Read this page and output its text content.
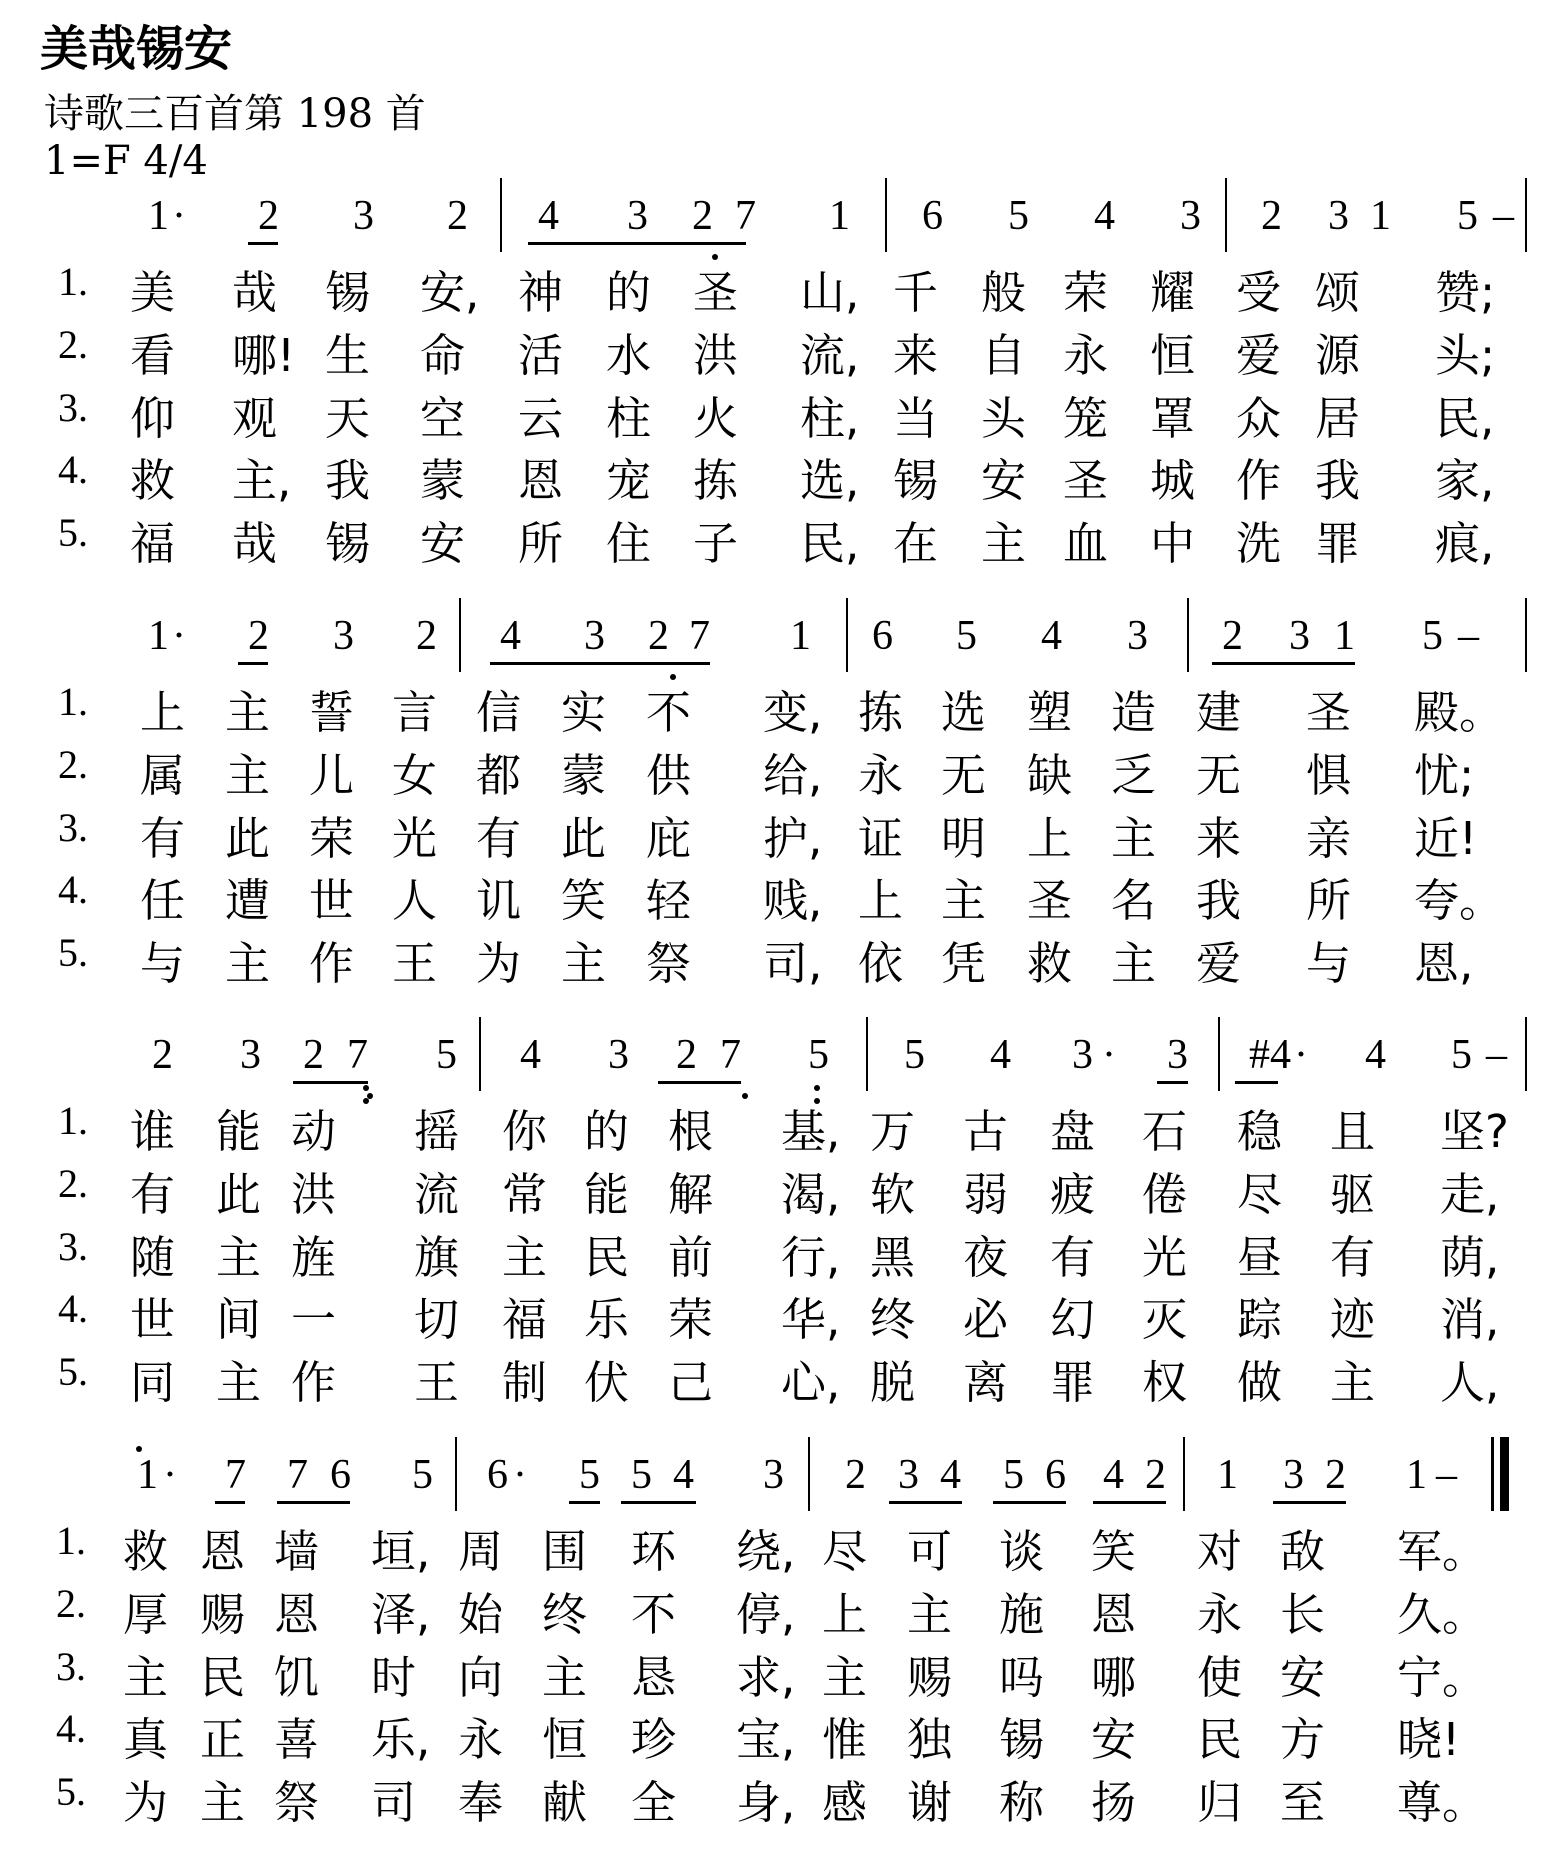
美哉锡安
诗歌三百首第 198 首
1=F 4/4
1 · 2 3 2 4 3 2 7 1 6 5 4 3 2 3 1 5 –
1. 美 哉 锡 安, 神 的 圣 山, 千 般 荣 耀 受 颂 赞;
2. 看 哪! 生 命 活 水 洪 流, 来 自 永 恒 爱 源 头;
3. 仰 观 天 空 云 柱 火 柱, 当 头 笼 罩 众 居 民,
4. 救 主, 我 蒙 恩 宠 拣 选, 锡 安 圣 城 作 我 家,
5. 福 哉 锡 安 所 住 子 民, 在 主 血 中 洗 罪 痕,
1 · 2 3 2 4 3 2 7 1 6 5 4 3 2 3 1 5 –
1. 上 主 誓 言 信 实 不 变, 拣 选 塑 造 建 圣 殿。
2. 属 主 儿 女 都 蒙 供 给, 永 无 缺 乏 无 惧 忧;
3. 有 此 荣 光 有 此 庇 护, 证 明 上 主 来 亲 近!
4. 任 遭 世 人 讥 笑 轻 贱, 上 主 圣 名 我 所 夸。
5. 与 主 作 王 为 主 祭 司, 依 凭 救 主 爱 与 恩,
2 3 2 7 5 4 3 2 7 5 5 4 3 · 3 #4 · 4 5 –
1. 谁 能 动 摇 你 的 根 基, 万 古 盘 石 稳 且 坚?
2. 有 此 洪 流 常 能 解 渴, 软 弱 疲 倦 尽 驱 走,
3. 随 主 旌 旗 主 民 前 行, 黑 夜 有 光 昼 有 荫,
4. 世 间 一 切 福 乐 荣 华, 终 必 幻 灭 踪 迹 消,
5. 同 主 作 王 制 伏 己 心, 脱 离 罪 权 做 主 人,
1 · 7 7 6 5 6 · 5 5 4 3 2 3 4 5 6 4 2 1 3 2 1 –
1. 救 恩 墙 垣, 周 围 环 绕, 尽 可 谈 笑 对 敌 军。
2. 厚 赐 恩 泽, 始 终 不 停, 上 主 施 恩 永 长 久。
3. 主 民 饥 时 向 主 恳 求, 主 赐 吗 哪 使 安 宁。
4. 真 正 喜 乐, 永 恒 珍 宝, 惟 独 锡 安 民 方 晓!
5. 为 主 祭 司 奉 献 全 身, 感 谢 称 扬 归 至 尊。
